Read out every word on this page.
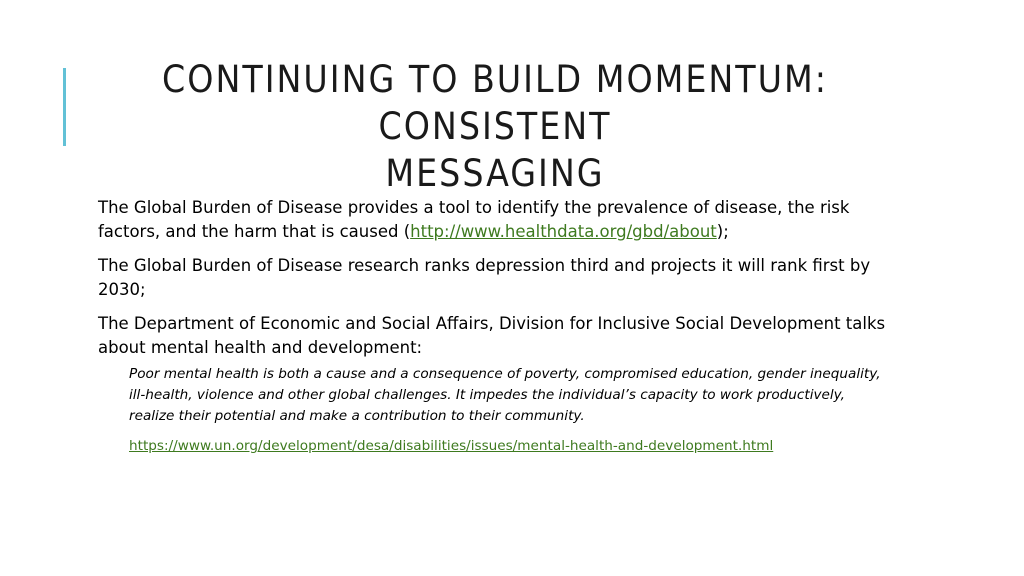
CONTINUING TO BUILD MOMENTUM: CONSISTENT
MESSAGING

The Global Burden of Disease provides a tool to identify the prevalence of disease, the risk factors, and the harm that is caused (http://www.healthdata.org/gbd/about);

The Global Burden of Disease research ranks depression third and projects it will rank first by 2030;

The Department of Economic and Social Affairs, Division for Inclusive Social Development talks about mental health and development:

Poor mental health is both a cause and a consequence of poverty, compromised education, gender inequality, ill-health, violence and other global challenges. It impedes the individual’s capacity to work productively, realize their potential and make a contribution to their community.

https://www.un.org/development/desa/disabilities/issues/mental-health-and-development.html
